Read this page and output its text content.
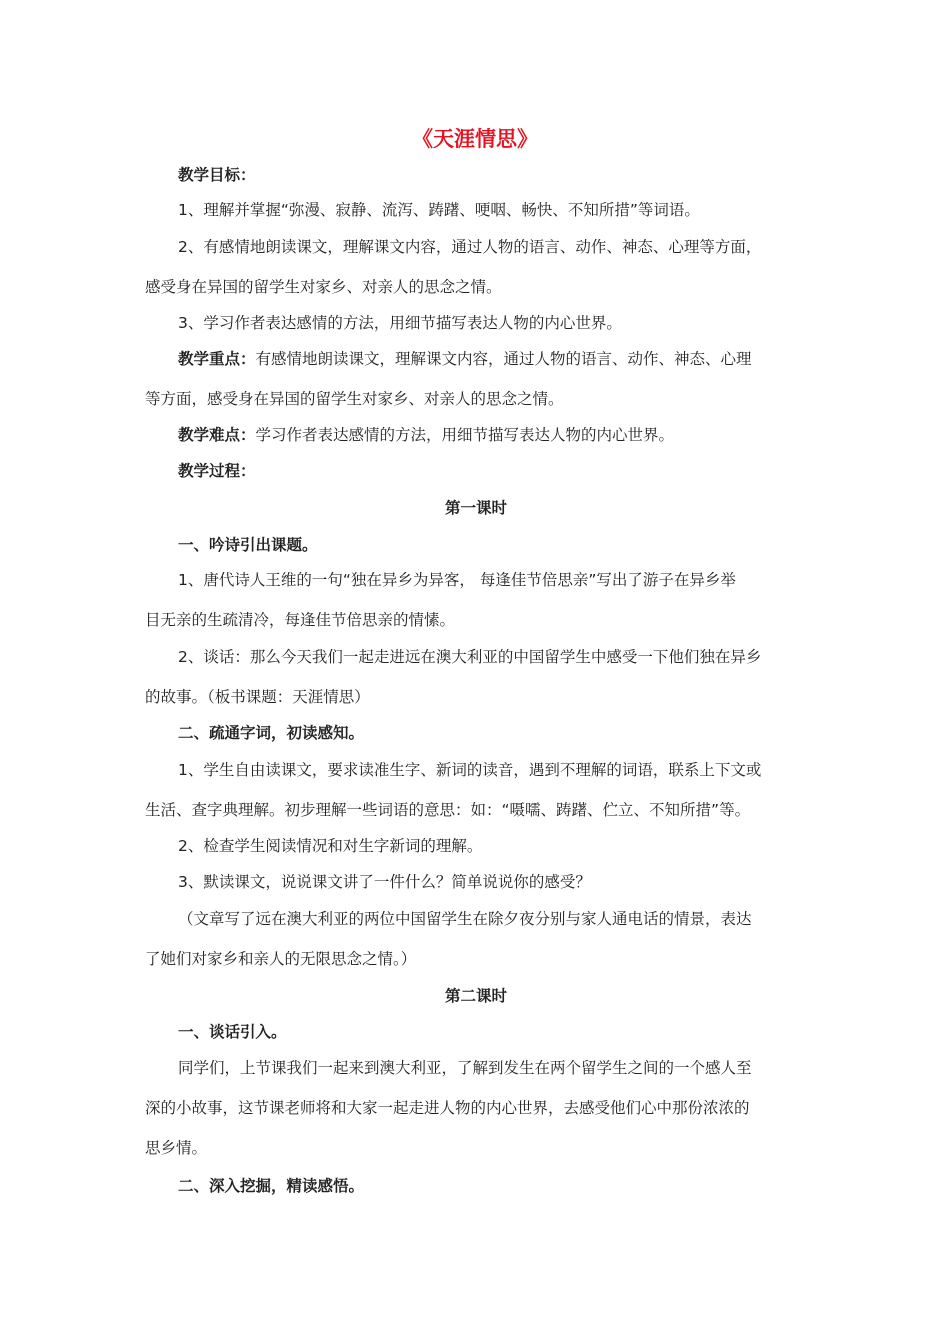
《天涯情思》
教学目标：
1、理解并掌握“弥漫、寂静、流泻、踌躇、哽咽、畅快、不知所措”等词语。
2、有感情地朗读课文，理解课文内容，通过人物的语言、动作、神态、心理等方面，
感受身在异国的留学生对家乡、对亲人的思念之情。
3、学习作者表达感情的方法，用细节描写表达人物的内心世界。
教学重点：有感情地朗读课文，理解课文内容，通过人物的语言、动作、神态、心理
等方面，感受身在异国的留学生对家乡、对亲人的思念之情。
教学难点：学习作者表达感情的方法，用细节描写表达人物的内心世界。
教学过程：
第一课时
一、吟诗引出课题。
1、唐代诗人王维的一句“独在异乡为异客， 每逢佳节倍思亲”写出了游子在异乡举
目无亲的生疏清冷，每逢佳节倍思亲的情愫。
2、谈话：那么今天我们一起走进远在澳大利亚的中国留学生中感受一下他们独在异乡
的故事。（板书课题：天涯情思）
二、疏通字词，初读感知。
1、学生自由读课文，要求读准生字、新词的读音，遇到不理解的词语，联系上下文或
生活、查字典理解。初步理解一些词语的意思：如：“嗫嚅、踌躇、伫立、不知所措”等。
2、检查学生阅读情况和对生字新词的理解。
3、默读课文，说说课文讲了一件什么？简单说说你的感受？
（文章写了远在澳大利亚的两位中国留学生在除夕夜分别与家人通电话的情景，表达
了她们对家乡和亲人的无限思念之情。）
第二课时
一、谈话引入。
同学们，上节课我们一起来到澳大利亚，了解到发生在两个留学生之间的一个感人至
深的小故事，这节课老师将和大家一起走进人物的内心世界，去感受他们心中那份浓浓的
思乡情。
二、深入挖掘，精读感悟。
